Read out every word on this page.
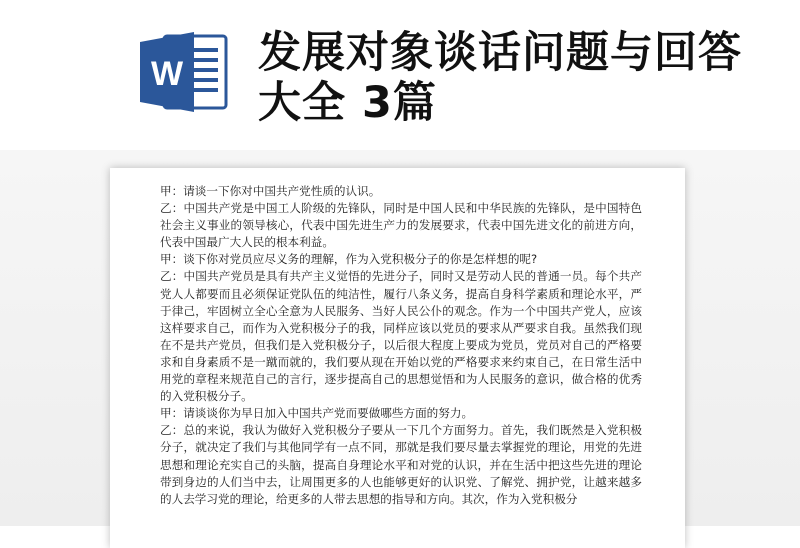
W 发展对象谈话问题与回答大全 3篇

甲：请谈一下你对中国共产党性质的认识。

乙：中国共产党是中国工人阶级的先锋队，同时是中国人民和中华民族的先锋队，是中国特色社会主义事业的领导核心，代表中国先进生产力的发展要求，代表中国先进文化的前进方向，代表中国最广大人民的根本利益。

甲：谈下你对党员应尽义务的理解，作为入党积极分子的你是怎样想的呢?

乙：中国共产党员是具有共产主义觉悟的先进分子，同时又是劳动人民的普通一员。每个共产党人人都要而且必须保证党队伍的纯洁性，履行八条义务，提高自身科学素质和理论水平，严于律己，牢固树立全心全意为人民服务、当好人民公仆的观念。作为一个中国共产党人，应该这样要求自己，而作为入党积极分子的我，同样应该以党员的要求从严要求自我。虽然我们现在不是共产党员，但我们是入党积极分子，以后很大程度上要成为党员，党员对自己的严格要求和自身素质不是一蹴而就的，我们要从现在开始以党的严格要求来约束自己，在日常生活中用党的章程来规范自己的言行，逐步提高自己的思想觉悟和为人民服务的意识，做合格的优秀的入党积极分子。

甲：请谈谈你为早日加入中国共产党而要做哪些方面的努力。

乙：总的来说，我认为做好入党积极分子要从一下几个方面努力。首先，我们既然是入党积极分子，就决定了我们与其他同学有一点不同，那就是我们要尽量去掌握党的理论，用党的先进思想和理论充实自己的头脑，提高自身理论水平和对党的认识，并在生活中把这些先进的理论带到身边的人们当中去，让周围更多的人也能够更好的认识党、了解党、拥护党，让越来越多的人去学习党的理论，给更多的人带去思想的指导和方向。其次，作为入党积极分
